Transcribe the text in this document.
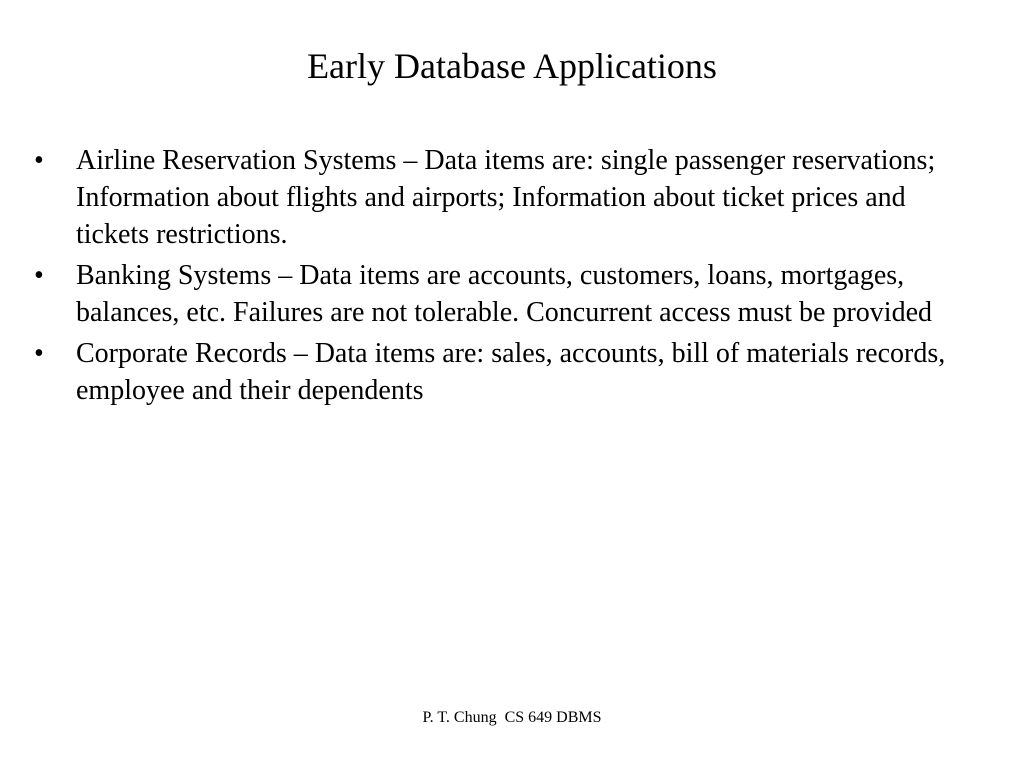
Early Database Applications
•	Airline Reservation Systems – Data items are: single passenger reservations; Information about flights and airports; Information about ticket prices and tickets restrictions.
•	Banking Systems – Data items are accounts, customers, loans, mortgages, balances, etc. Failures are not tolerable. Concurrent access must be provided
•	Corporate Records – Data items are: sales, accounts, bill of materials records, employee and their dependents
P. T. Chung  CS 649 DBMS
